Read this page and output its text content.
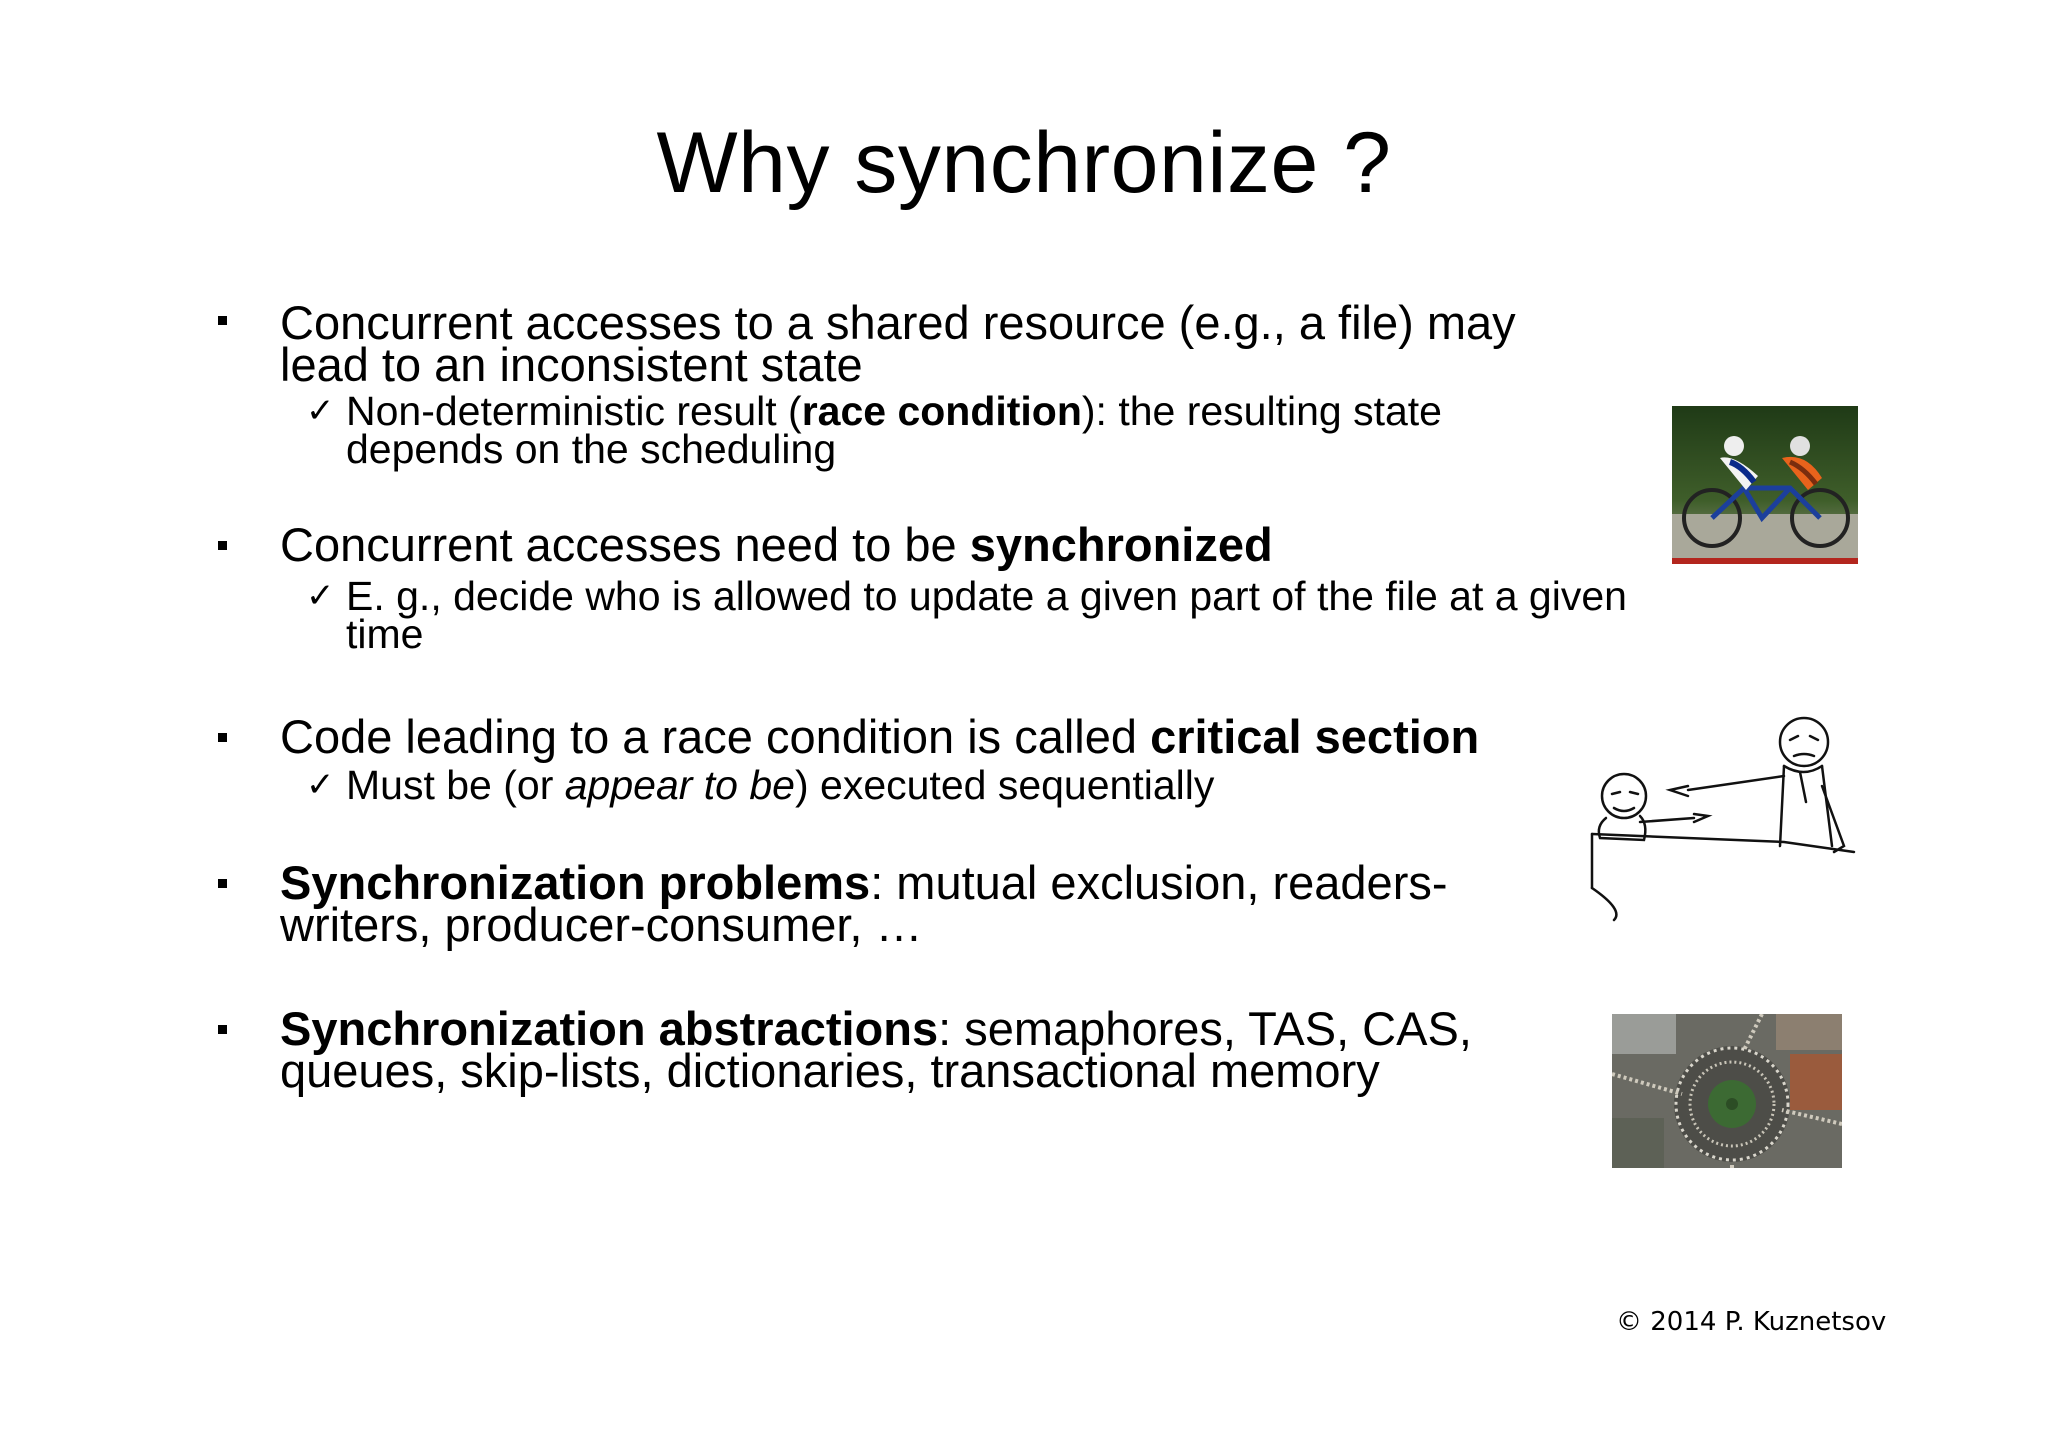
Why synchronize ?
Concurrent accesses to a shared resource (e.g., a file) may lead to an inconsistent state
✓ Non-deterministic result (race condition): the resulting state depends on the scheduling
Concurrent accesses need to be synchronized
✓ E. g., decide who is allowed to update a given part of the file at a given time
Code leading to a race condition is called critical section
✓ Must be (or appear to be) executed sequentially
Synchronization problems: mutual exclusion, readers-writers, producer-consumer, …
Synchronization abstractions: semaphores, TAS, CAS, queues, skip-lists, dictionaries, transactional memory
© 2014 P. Kuznetsov
